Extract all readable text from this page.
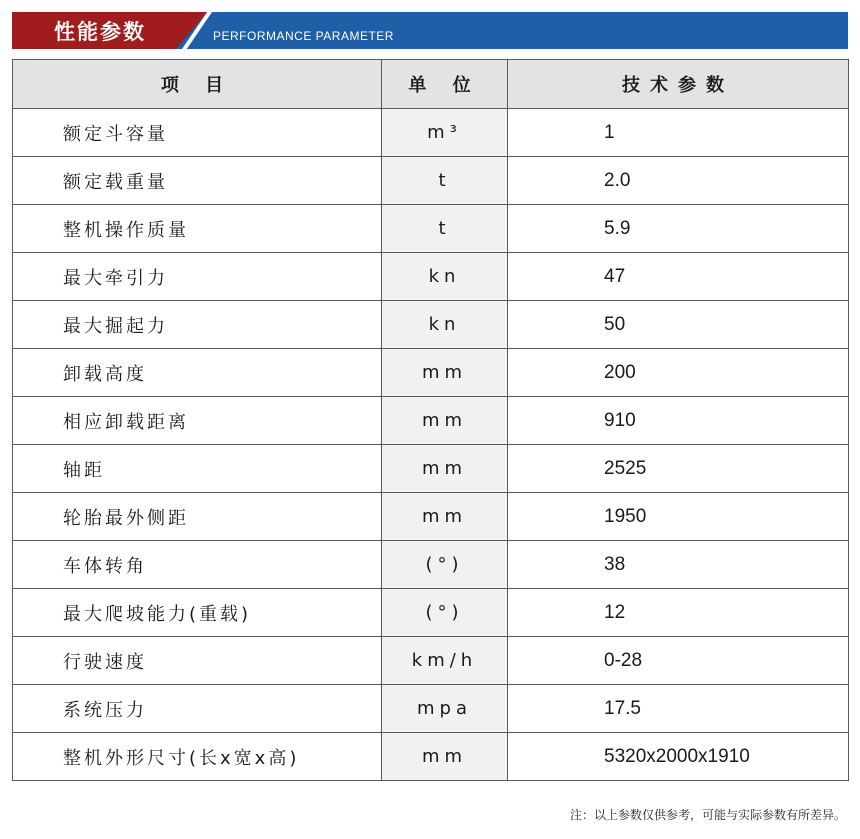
性能参数	PERFORMANCE PARAMETER
项 目	单 位	技术参数
额定斗容量	m³	1
额定载重量	t	2.0
整机操作质量	t	5.9
最大牵引力	kn	47
最大掘起力	kn	50
卸载高度	mm	200
相应卸载距离	mm	910
轴距	mm	2525
轮胎最外侧距	mm	1950
车体转角	(°)	38
最大爬坡能力(重载)	(°)	12
行驶速度	km/h	0-28
系统压力	mpa	17.5
整机外形尺寸(长x宽x高)	mm	5320x2000x1910
注：以上参数仅供参考，可能与实际参数有所差异。
